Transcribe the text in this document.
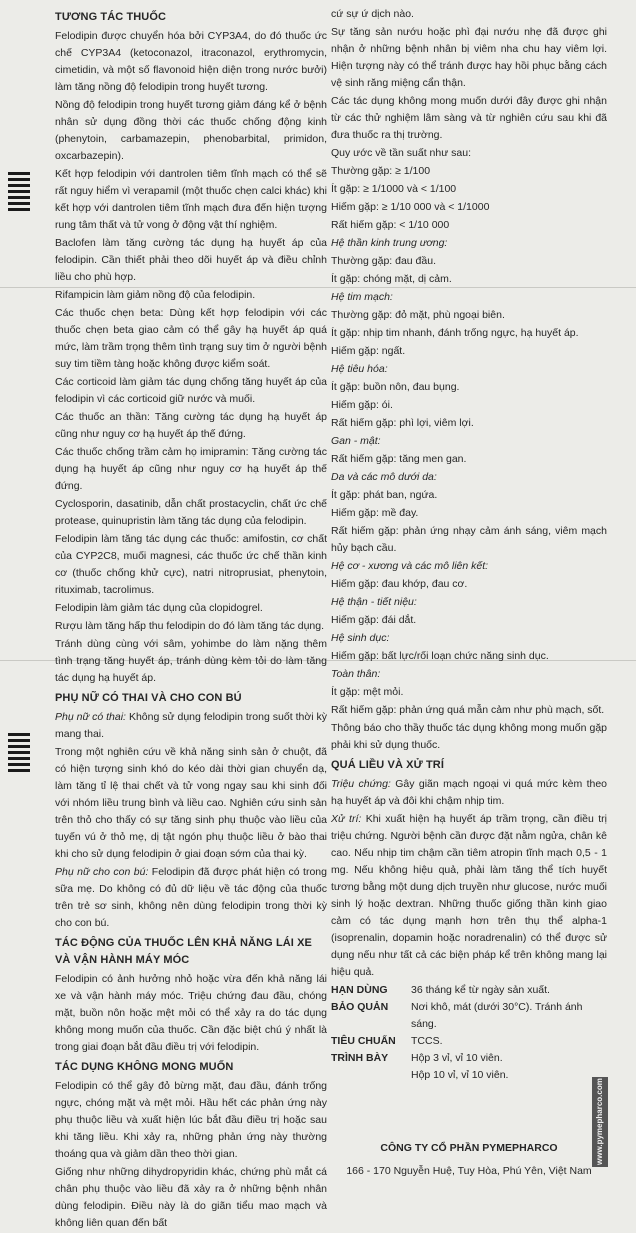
TƯƠNG TÁC THUỐC

Felodipin được chuyển hóa bởi CYP3A4, do đó thuốc ức chế CYP3A4 (ketoconazol, itraconazol, erythromycin, cimetidin, và một số flavonoid hiện diện trong nước bưởi) làm tăng nồng độ felodipin trong huyết tương.

Nồng độ felodipin trong huyết tương giảm đáng kể ở bệnh nhân sử dụng đồng thời các thuốc chống động kinh (phenytoin, carbamazepin, phenobarbital, primidon, oxcarbazepin).

Kết hợp felodipin với dantrolen tiêm tĩnh mạch có thể sẽ rất nguy hiểm vì verapamil (một thuốc chẹn calci khác) khi kết hợp với dantrolen tiêm tĩnh mạch đưa đến hiện tượng rung tâm thất và tử vong ở động vật thí nghiệm.

Baclofen làm tăng cường tác dụng hạ huyết áp của felodipin. Cần thiết phải theo dõi huyết áp và điều chỉnh liều cho phù hợp.

Rifampicin làm giảm nồng độ của felodipin.

Các thuốc chẹn beta: Dùng kết hợp felodipin với các thuốc chẹn beta giao cảm có thể gây hạ huyết áp quá mức, làm trầm trọng thêm tình trạng suy tim ở người bệnh suy tim tiềm tàng hoặc không được kiểm soát.

Các corticoid làm giảm tác dụng chống tăng huyết áp của felodipin vì các corticoid giữ nước và muối.

Các thuốc an thần: Tăng cường tác dụng hạ huyết áp cũng như nguy cơ hạ huyết áp thế đứng.

Các thuốc chống trầm cảm họ imipramin: Tăng cường tác dụng hạ huyết áp cũng như nguy cơ hạ huyết áp thế đứng.

Cyclosporin, dasatinib, dẫn chất prostacyclin, chất ức chế protease, quinupristin làm tăng tác dụng của felodipin.

Felodipin làm tăng tác dụng các thuốc: amifostin, cơ chất của CYP2C8, muối magnesi, các thuốc ức chế thần kinh cơ (thuốc chống khử cực), natri nitroprusiat, phenytoin, rituximab, tacrolimus.

Felodipin làm giảm tác dụng của clopidogrel.

Rượu làm tăng hấp thu felodipin do đó làm tăng tác dụng.

Tránh dùng cùng với sâm, yohimbe do làm nặng thêm tình trạng tăng huyết áp, tránh dùng kèm tỏi do làm tăng tác dụng hạ huyết áp.

PHỤ NỮ CÓ THAI VÀ CHO CON BÚ

Phụ nữ có thai: Không sử dụng felodipin trong suốt thời kỳ mang thai.

Trong một nghiên cứu về khả năng sinh sản ở chuột, đã có hiện tượng sinh khó do kéo dài thời gian chuyển dạ, làm tăng tỉ lệ thai chết và tử vong ngay sau khi sinh đối với nhóm liều trung bình và liều cao. Nghiên cứu sinh sản trên thỏ cho thấy có sự tăng sinh phụ thuộc vào liều của tuyến vú ở thỏ mẹ, dị tật ngón phụ thuộc liều ở bào thai khi cho sử dụng felodipin ở giai đoạn sớm của thai kỳ.

Phụ nữ cho con bú: Felodipin đã được phát hiện có trong sữa mẹ. Do không có đủ dữ liệu về tác động của thuốc trên trẻ sơ sinh, không nên dùng felodipin trong thời kỳ cho con bú.

TÁC ĐỘNG CỦA THUỐC LÊN KHẢ NĂNG LÁI XE VÀ VẬN HÀNH MÁY MÓC

Felodipin có ảnh hưởng nhỏ hoặc vừa đến khả năng lái xe và vận hành máy móc. Triệu chứng đau đầu, chóng mặt, buồn nôn hoặc mệt mỏi có thể xảy ra do tác dụng không mong muốn của thuốc. Cần đặc biệt chú ý nhất là trong giai đoạn bắt đầu điều trị với felodipin.

TÁC DỤNG KHÔNG MONG MUỐN

Felodipin có thể gây đỏ bừng mặt, đau đầu, đánh trống ngực, chóng mặt và mệt mỏi. Hầu hết các phản ứng này phụ thuộc liều và xuất hiện lúc bắt đầu điều trị hoặc sau khi tăng liều. Khi xảy ra, những phản ứng này thường thoáng qua và giảm dần theo thời gian.

Giống như những dihydropyridin khác, chứng phù mắt cá chân phụ thuộc vào liều đã xảy ra ở những bệnh nhân dùng felodipin. Điều này là do giãn tiểu mao mạch và không liên quan đến bất

cứ sự ứ dịch nào.

Sự tăng sản nướu hoặc phì đại nướu nhẹ đã được ghi nhận ở những bệnh nhân bị viêm nha chu hay viêm lợi. Hiện tượng này có thể tránh được hay hồi phục bằng cách vệ sinh răng miệng cẩn thận.

Các tác dụng không mong muốn dưới đây được ghi nhận từ các thử nghiệm lâm sàng và từ nghiên cứu sau khi đã đưa thuốc ra thị trường.

Quy ước về tần suất như sau:

Thường gặp: ≥ 1/100

Ít gặp: ≥ 1/1000 và < 1/100

Hiếm gặp: ≥ 1/10 000 và < 1/1000

Rất hiếm gặp: < 1/10 000

Hệ thần kinh trung ương:

Thường gặp: đau đầu.

Ít gặp: chóng mặt, dị cảm.

Hệ tim mạch:

Thường gặp: đỏ mặt, phù ngoại biên.

Ít gặp: nhịp tim nhanh, đánh trống ngực, hạ huyết áp.

Hiếm gặp: ngất.

Hệ tiêu hóa:

Ít gặp: buồn nôn, đau bụng.

Hiếm gặp: ói.

Rất hiếm gặp: phì lợi, viêm lợi.

Gan - mật:

Rất hiếm gặp: tăng men gan.

Da và các mô dưới da:

Ít gặp: phát ban, ngứa.

Hiếm gặp: mề đay.

Rất hiếm gặp: phản ứng nhạy cảm ánh sáng, viêm mạch hủy bạch cầu.

Hệ cơ - xương và các mô liên kết:

Hiếm gặp: đau khớp, đau cơ.

Hệ thận - tiết niệu:

Hiếm gặp: đái dắt.

Hệ sinh dục:

Hiếm gặp: bất lực/rối loạn chức năng sinh dục.

Toàn thân:

Ít gặp: mệt mỏi.

Rất hiếm gặp: phản ứng quá mẫn cảm như phù mạch, sốt.

Thông báo cho thầy thuốc tác dụng không mong muốn gặp phải khi sử dụng thuốc.

QUÁ LIỀU VÀ XỬ TRÍ

Triệu chứng: Gây giãn mạch ngoại vi quá mức kèm theo hạ huyết áp và đôi khi chậm nhịp tim.

Xử trí: Khi xuất hiện hạ huyết áp trầm trọng, cần điều trị triệu chứng. Người bệnh cần được đặt nằm ngửa, chân kê cao. Nếu nhịp tim chậm cần tiêm atropin tĩnh mạch 0,5 - 1 mg. Nếu không hiệu quả, phải làm tăng thể tích huyết tương bằng một dung dịch truyền như glucose, nước muối sinh lý hoặc dextran. Những thuốc giống thần kinh giao cảm có tác dụng mạnh hơn trên thụ thể alpha-1 (isoprenalin, dopamin hoặc noradrenalin) có thể được sử dụng nếu như tất cả các biện pháp kể trên không mang lại hiệu quả.

HẠN DÙNG	36 tháng kể từ ngày sản xuất.
BẢO QUẢN	Nơi khô, mát (dưới 30°C). Tránh ánh sáng.
TIÊU CHUẨN	TCCS.
TRÌNH BÀY	Hộp 3 vỉ, vỉ 10 viên.
Hộp 10 vỉ, vỉ 10 viên.
CÔNG TY CỔ PHẦN PYMEPHARCO
166 - 170 Nguyễn Huệ, Tuy Hòa, Phú Yên, Việt Nam
www.pymepharco.com
